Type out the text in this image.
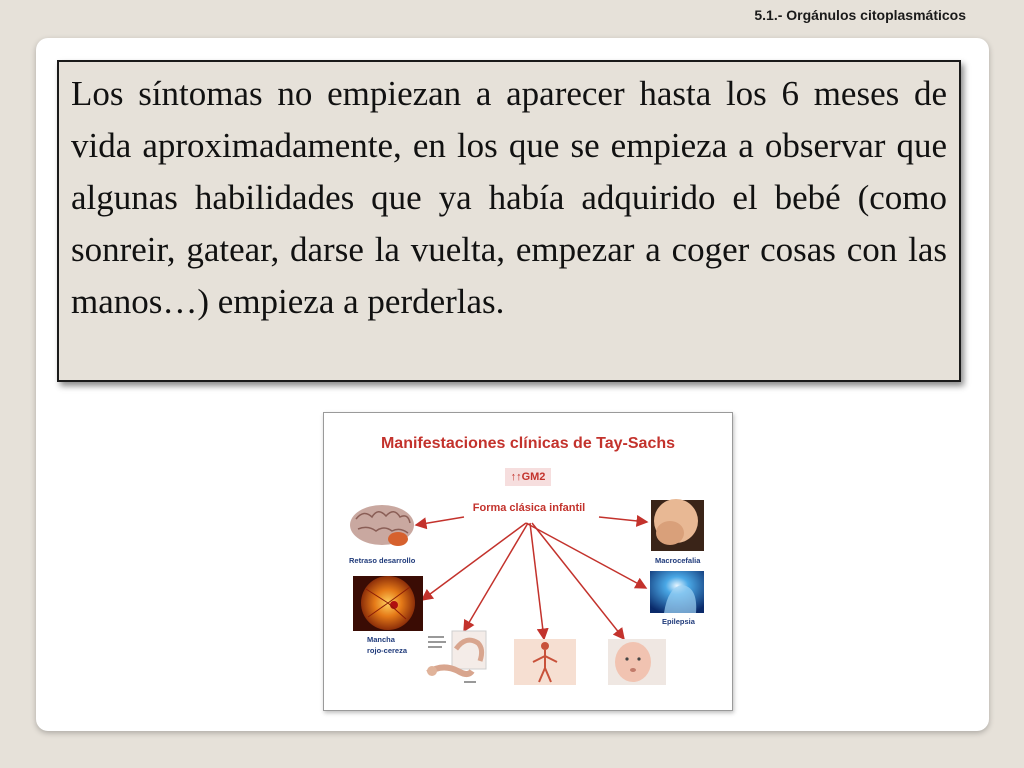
5.1.- Orgánulos citoplasmáticos

Los síntomas no empiezan a aparecer hasta los 6 meses de vida aproximadamente, en los que se empieza a observar que algunas habilidades que ya había adquirido el bebé (como sonreir, gatear, darse la vuelta, empezar a coger cosas con las manos…) empieza a perderlas.

Manifestaciones clínicas de Tay-Sachs
↑↑GM2
Forma clásica infantil
Retraso desarrollo
Mancha
rojo-cereza
Macrocefalia
Epilepsia
